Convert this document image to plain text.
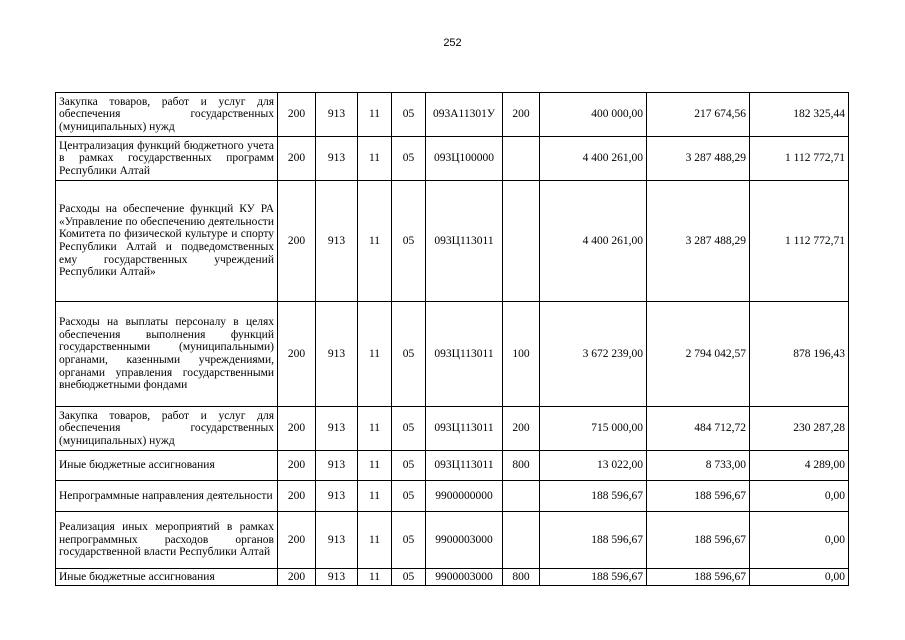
252
Закупка товаров, работ и услуг для обеспечения государственных (муниципальных) нужд	200	913	11	05	093А11301У	200	400 000,00	217 674,56	182 325,44
Централизация функций бюджетного учета в рамках государственных программ Республики Алтай	200	913	11	05	093Ц100000		4 400 261,00	3 287 488,29	1 112 772,71
Расходы на обеспечение функций КУ РА «Управление по обеспечению деятельности Комитета по физической культуре и спорту Республики Алтай и подведомственных ему государственных учреждений Республики Алтай»	200	913	11	05	093Ц113011		4 400 261,00	3 287 488,29	1 112 772,71
Расходы на выплаты персоналу в целях обеспечения выполнения функций государственными (муниципальными) органами, казенными учреждениями, органами управления государственными внебюджетными фондами	200	913	11	05	093Ц113011	100	3 672 239,00	2 794 042,57	878 196,43
Закупка товаров, работ и услуг для обеспечения государственных (муниципальных) нужд	200	913	11	05	093Ц113011	200	715 000,00	484 712,72	230 287,28
Иные бюджетные ассигнования	200	913	11	05	093Ц113011	800	13 022,00	8 733,00	4 289,00
Непрограммные направления деятельности	200	913	11	05	9900000000		188 596,67	188 596,67	0,00
Реализация иных мероприятий в рамках непрограммных расходов органов государственной власти Республики Алтай	200	913	11	05	9900003000		188 596,67	188 596,67	0,00
Иные бюджетные ассигнования	200	913	11	05	9900003000	800	188 596,67	188 596,67	0,00
